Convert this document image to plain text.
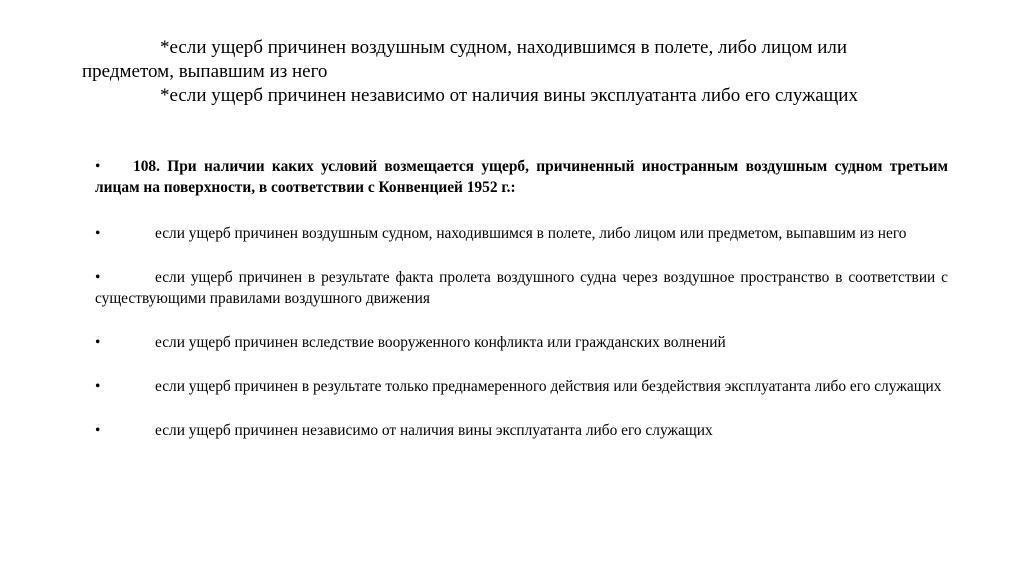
*если ущерб причинен воздушным судном, находившимся в полете, либо лицом или

предметом, выпавшим из него

*если ущерб причинен независимо от наличия вины эксплуатанта либо его служащих

• 108. При наличии каких условий возмещается ущерб, причиненный иностранным воздушным судном третьим лицам на поверхности, в соответствии с Конвенцией 1952 г.:

•	если ущерб причинен воздушным судном, находившимся в полете, либо лицом или предметом, выпавшим из него

•	если ущерб причинен в результате факта пролета воздушного судна через воздушное пространство в соответствии с существующими правилами воздушного движения

•	если ущерб причинен вследствие вооруженного конфликта или гражданских волнений

•	если ущерб причинен в результате только преднамеренного действия или бездействия эксплуатанта либо его служащих

•	если ущерб причинен независимо от наличия вины эксплуатанта либо его служащих
